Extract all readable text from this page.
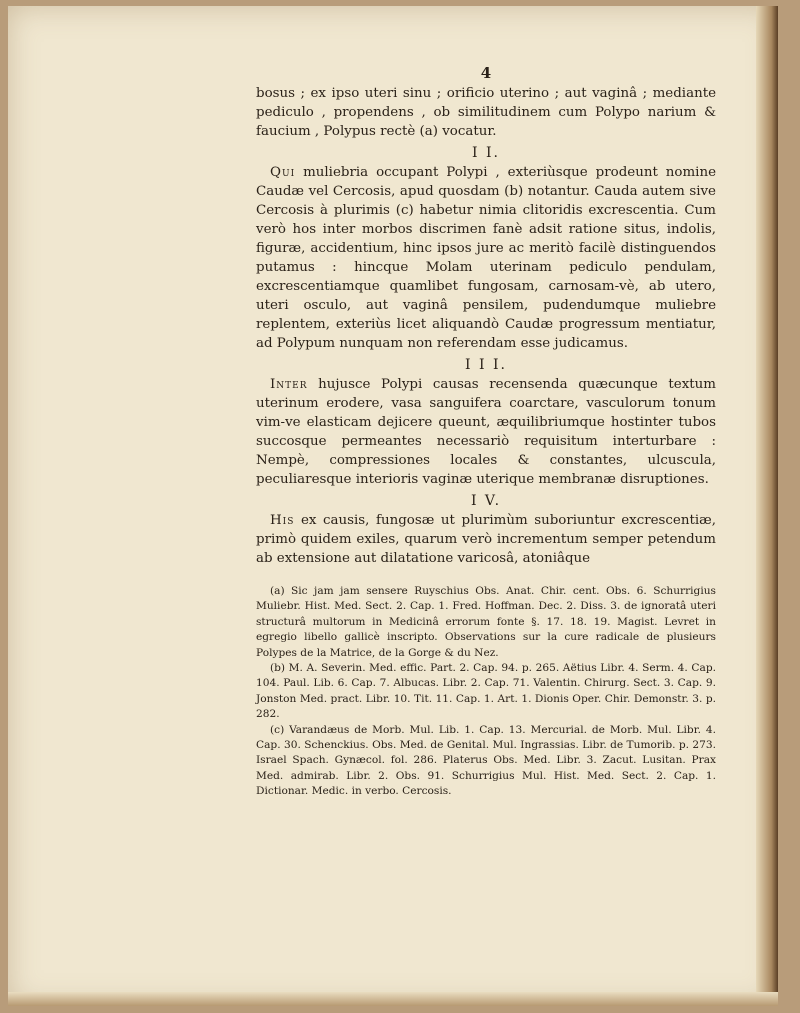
4

bosus ; ex ipso uteri sinu ; orificio uterino ; aut vaginâ ; mediante pediculo , propendens , ob similitudinem cum Polypo narium & faucium , Polypus rectè (a) vocatur.

I I.

Qui muliebria occupant Polypi , exteriùsque prodeunt nomine Caudæ vel Cercosis, apud quosdam (b) notantur. Cauda autem sive Cercosis à plurimis (c) habetur nimia clitoridis excrescentia. Cum verò hos inter morbos discrimen fanè adsit ratione situs, indolis, figuræ, accidentium, hinc ipsos jure ac meritò facilè distinguendos putamus : hincque Molam uterinam pediculo pendulam, excrescentiamque quamlibet fungosam, carnosam-vè, ab utero, uteri osculo, aut vaginâ pensilem, pudendumque muliebre replentem, exteriùs licet aliquandò Caudæ progressum mentiatur, ad Polypum nunquam non referendam esse judicamus.

I I I.

Inter hujusce Polypi causas recensenda quæcunque textum uterinum erodere, vasa sanguifera coarctare, vasculorum tonum vim-ve elasticam dejicere queunt, æquilibriumque hostinter tubos succosque permeantes necessariò requisitum interturbare : Nempè, compressiones locales & constantes, ulcuscula, peculiaresque interioris vaginæ uterique membranæ disruptiones.

I V.

His ex causis, fungosæ ut plurimùm suboriuntur excrescentiæ, primò quidem exiles, quarum verò incrementum semper petendum ab extensione aut dilatatione varicosâ, atoniâque

(a) Sic jam jam sensere Ruyschius Obs. Anat. Chir. cent. Obs. 6. Schurrigius Muliebr. Hist. Med. Sect. 2. Cap. 1. Fred. Hoffman. Dec. 2. Diss. 3. de ignoratâ uteri structurâ multorum in Medicinâ errorum fonte §. 17. 18. 19. Magist. Levret in egregio libello gallicè inscripto. Observations sur la cure radicale de plusieurs Polypes de la Matrice, de la Gorge & du Nez.

(b) M. A. Severin. Med. effic. Part. 2. Cap. 94. p. 265. Aëtius Libr. 4. Serm. 4. Cap. 104. Paul. Lib. 6. Cap. 7. Albucas. Libr. 2. Cap. 71. Valentin. Chirurg. Sect. 3. Cap. 9. Jonston Med. pract. Libr. 10. Tit. 11. Cap. 1. Art. 1. Dionis Oper. Chir. Demonstr. 3. p. 282.

(c) Varandæus de Morb. Mul. Lib. 1. Cap. 13. Mercurial. de Morb. Mul. Libr. 4. Cap. 30. Schenckius. Obs. Med. de Genital. Mul. Ingrassias. Libr. de Tumorib. p. 273. Israel Spach. Gynæcol. fol. 286. Platerus Obs. Med. Libr. 3. Zacut. Lusitan. Prax Med. admirab. Libr. 2. Obs. 91. Schurrigius Mul. Hist. Med. Sect. 2. Cap. 1. Dictionar. Medic. in verbo. Cercosis.
